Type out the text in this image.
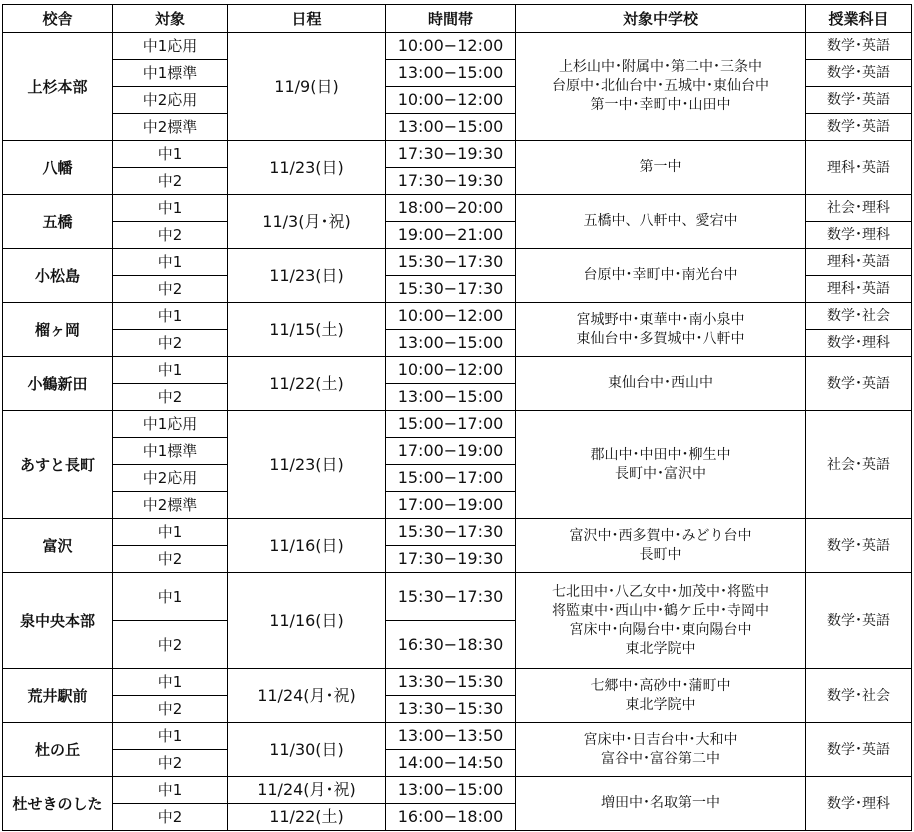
校舎	対象	日程	時間帯	対象中学校	授業科目
上杉本部	中1応用	11/9(日)	10:00−12:00	上杉山中･附属中･第二中･三条中
台原中･北仙台中･五城中･東仙台中
第一中･幸町中･山田中	数学･英語
	中1標準		13:00−15:00		数学･英語
	中2応用		10:00−12:00		数学･英語
	中2標準		13:00−15:00		数学･英語
八幡	中1	11/23(日)	17:30−19:30	第一中	理科･英語
	中2		17:30−19:30		
五橋	中1	11/3(月･祝)	18:00−20:00	五橋中、八軒中、愛宕中	社会･理科
	中2		19:00−21:00		数学･理科
小松島	中1	11/23(日)	15:30−17:30	台原中･幸町中･南光台中	理科･英語
	中2		15:30−17:30		理科･英語
榴ヶ岡	中1	11/15(土)	10:00−12:00	宮城野中･東華中･南小泉中
東仙台中･多賀城中･八軒中	数学･社会
	中2		13:00−15:00		数学･理科
小鶴新田	中1	11/22(土)	10:00−12:00	東仙台中･西山中	数学･英語
	中2		13:00−15:00		
あすと長町	中1応用	11/23(日)	15:00−17:00	郡山中･中田中･柳生中
長町中･富沢中	社会･英語
	中1標準		17:00−19:00		
	中2応用		15:00−17:00		
	中2標準		17:00−19:00		
富沢	中1	11/16(日)	15:30−17:30	富沢中･西多賀中･みどり台中
長町中	数学･英語
	中2		17:30−19:30		
泉中央本部	中1	11/16(日)	15:30−17:30	七北田中･八乙女中･加茂中･将監中
将監東中･西山中･鶴ケ丘中･寺岡中
宮床中･向陽台中･東向陽台中
東北学院中	数学･英語
	中2		16:30−18:30		
荒井駅前	中1	11/24(月･祝)	13:30−15:30	七郷中･高砂中･蒲町中
東北学院中	数学･社会
	中2		13:30−15:30		
杜の丘	中1	11/30(日)	13:00−13:50	宮床中･日吉台中･大和中
富谷中･富谷第二中	数学･英語
	中2		14:00−14:50		
杜せきのした	中1	11/24(月･祝)	13:00−15:00	増田中･名取第一中	数学･理科
	中2	11/22(土)	16:00−18:00		
